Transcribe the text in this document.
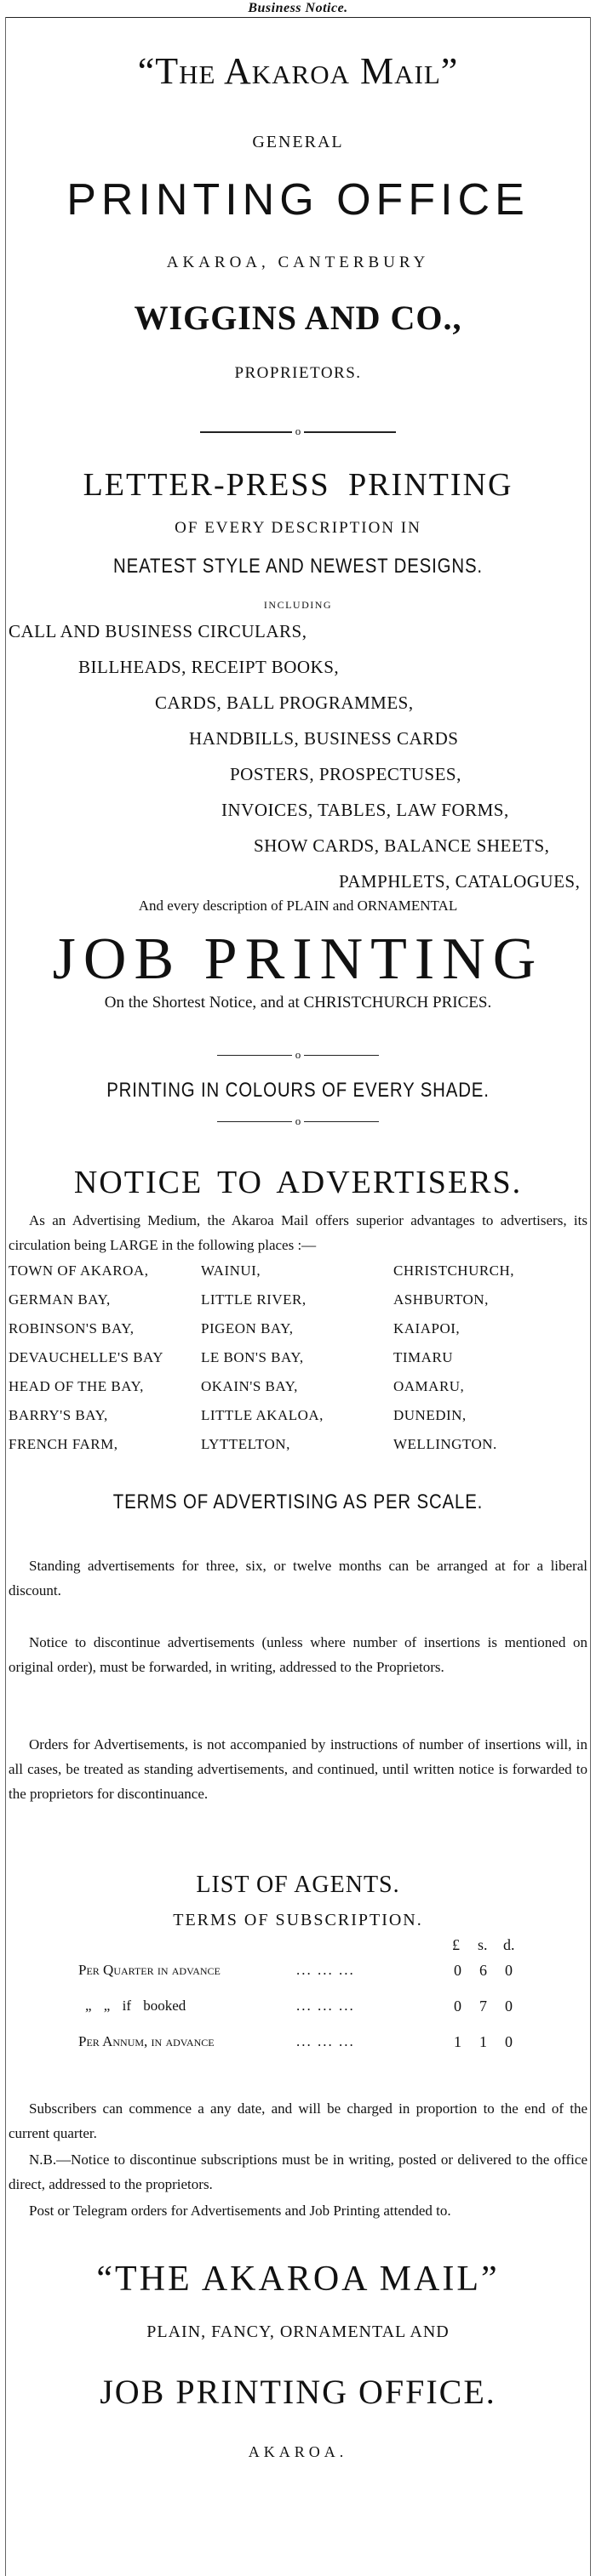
Business Notice.
“The Akaroa Mail”
GENERAL
PRINTING OFFICE
AKAROA, CANTERBURY
WIGGINS AND CO.,
PROPRIETORS.
o
LETTER-PRESS PRINTING
OF EVERY DESCRIPTION IN
NEATEST STYLE AND NEWEST DESIGNS.
INCLUDING
CALL AND BUSINESS CIRCULARS,
BILLHEADS, RECEIPT BOOKS,
CARDS, BALL PROGRAMMES,
HANDBILLS, BUSINESS CARDS
POSTERS, PROSPECTUSES,
INVOICES, TABLES, LAW FORMS,
SHOW CARDS, BALANCE SHEETS,
PAMPHLETS, CATALOGUES,
And every description of PLAIN and ORNAMENTAL
JOB PRINTING
On the Shortest Notice, and at CHRISTCHURCH PRICES.
o
PRINTING IN COLOURS OF EVERY SHADE.
o
NOTICE TO ADVERTISERS.
As an Advertising Medium, the Akaroa Mail offers superior advantages to advertisers, its circulation being LARGE in the following places :—
TOWN OF AKAROA,	WAINUI,	CHRISTCHURCH,
GERMAN BAY,	LITTLE RIVER,	ASHBURTON,
ROBINSON'S BAY,	PIGEON BAY,	KAIAPOI,
DEVAUCHELLE'S BAY	LE BON'S BAY,	TIMARU
HEAD OF THE BAY,	OKAIN'S BAY,	OAMARU,
BARRY'S BAY,	LITTLE AKALOA,	DUNEDIN,
FRENCH FARM,	LYTTELTON,	WELLINGTON.
TERMS OF ADVERTISING AS PER SCALE.
Standing advertisements for three, six, or twelve months can be arranged at for a liberal discount.
Notice to discontinue advertisements (unless where number of insertions is mentioned on original order), must be forwarded, in writing, addressed to the Proprietors.
Orders for Advertisements, is not accompanied by instructions of number of insertions will, in all cases, be treated as standing advertisements, and continued, until written notice is forwarded to the proprietors for discontinuance.
LIST OF AGENTS.
TERMS OF SUBSCRIPTION.
£ s. d.
Per Quarter in advance	... ... ...	0 6 0
„ „ if booked	... ... ...	0 7 0
Per Annum, in advance	... ... ...	1 1 0
Subscribers can commence a any date, and will be charged in proportion to the end of the current quarter.
N.B.—Notice to discontinue subscriptions must be in writing, posted or delivered to the office direct, addressed to the proprietors.
Post or Telegram orders for Advertisements and Job Printing attended to.
“THE AKAROA MAIL”
PLAIN, FANCY, ORNAMENTAL AND
JOB PRINTING OFFICE.
AKAROA.
